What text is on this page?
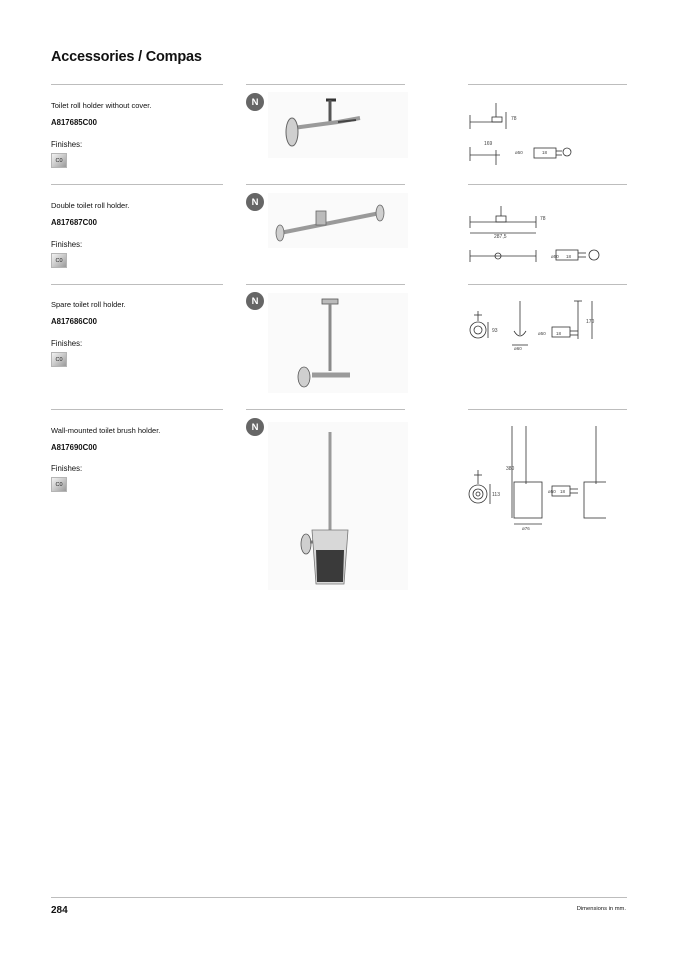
Accessories / Compas
Toilet roll holder without cover.
A817685C00
Finishes:
C0
N
78
169
ø50	18
Double toilet roll holder.
A817687C00
Finishes:
C0
N
78
287,5
ø50 18
Spare toilet roll holder.
A817686C00
Finishes:
C0
N
93
ø60
170
ø50 18
Wall-mounted toilet brush holder.
A817690C00
Finishes:
C0
N
380
113
ø76
ø50 18
284	Dimensions in mm.
